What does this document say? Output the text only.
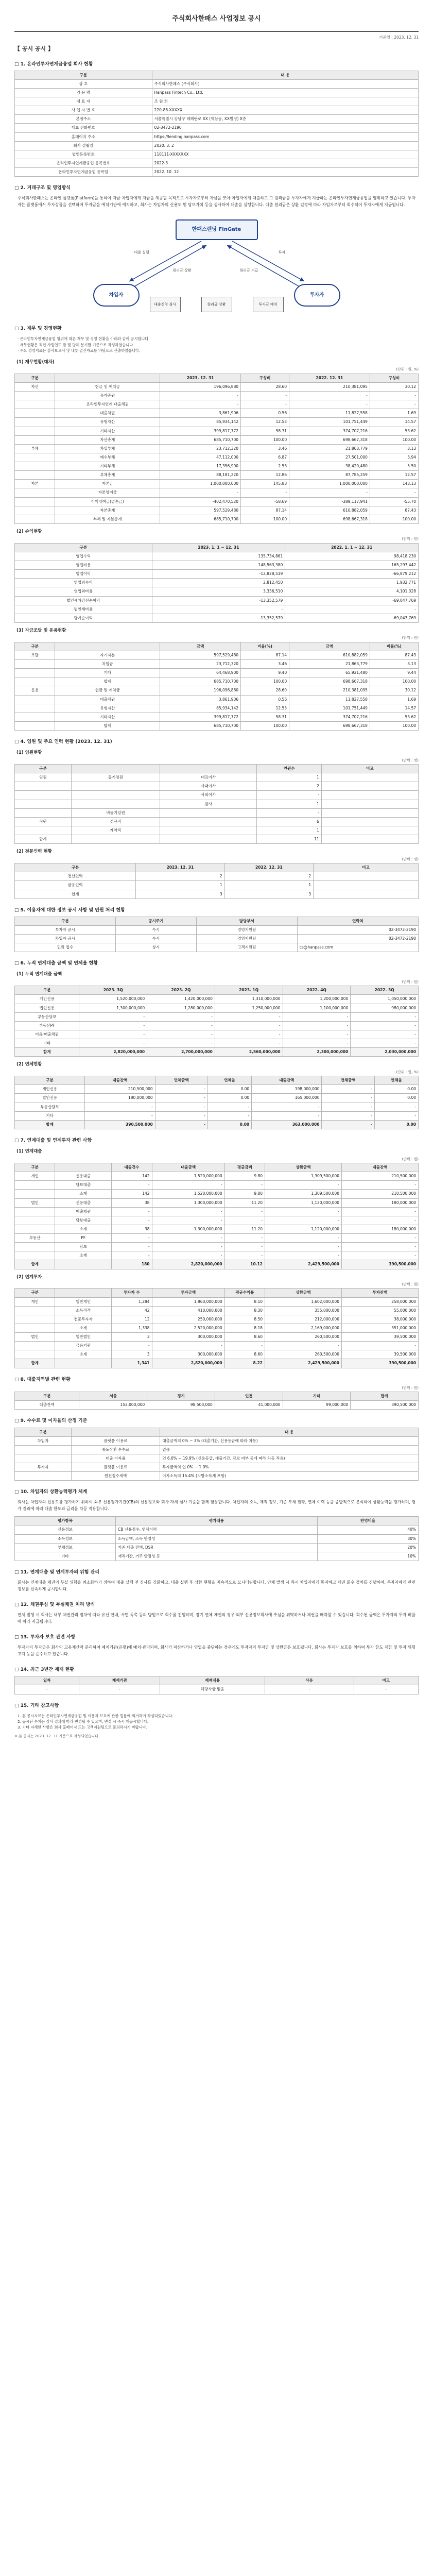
주식회사한패스 사업정보 공시
기준일 : 2023. 12. 31
【 공시 공시 】
□ 1. 온라인투자연계금융업 회사 현황
구분	내 용
상 호	주식회사한패스 (주식회사)
영 문 명	Hanpass Fintech Co., Ltd.
대 표 자	조 원 희
사 업 자 번 호	220-88-XXXXX
본점주소	서울특별시 강남구 테헤란로 XX (역삼동, XX빌딩) X층
대표 전화번호	02-3472-2190
홈페이지 주소	https://lending.hanpass.com
회사 설립일	2020. 3. 2
법인등록번호	110111-XXXXXXX
온라인투자연계금융업 등록번호	2022-3
온라인투자연계금융업 등록일	2022. 10. 12
□ 2. 거래구조 및 영업방식
주식회사한패스는 온라인 플랫폼(Platform)을 통하여 자금 차입자에게 자금을 제공할 목적으로 투자자로부터 자금을 모아 차입자에게 대출하고 그 원리금을 투자자에게 지급하는 온라인투자연계금융업을 영위하고 있습니다. 투자자는 플랫폼에서 투자상품을 선택하여 투자금을 예치기관에 예치하고, 회사는 차입자의 신용도 및 담보가치 등을 심사하여 대출을 실행합니다. 대출 원리금은 상환 일정에 따라 차입자로부터 회수되어 투자자에게 지급됩니다.
한패스렌딩 FinGate
차입자	투자자
대출신청 심사	원리금 상환	투자금 예치
대출 실행
원리금 상환
투자
원리금 지급
□ 3. 재무 및 경영현황
· 온라인투자연계금융업 영위에 따른 재무 및 경영 현황을 아래와 같이 공시합니다.
· 재무현황은 직전 사업연도 말 및 당해 분기말 기준으로 작성하였습니다.
· 주요 경영지표는 감사보고서 및 내부 결산자료를 바탕으로 산출하였습니다.
(1) 재무현황(대차)
(단위 : 원, %)
구분		2023. 12. 31	구성비	2022. 12. 31	구성비
자산	현금 및 예치금	196,096,880	28.60	210,381,095	30.12
	유가증권	-	-	-	-
	온라인투자연계 대출채권	-	-	-	-
	대출채권	3,861,906	0.56	11,827,558	1.69
	유형자산	85,934,142	12.53	101,751,449	14.57
	기타자산	399,817,772	58.31	374,707,216	53.62
	자산총계	685,710,700	100.00	698,667,318	100.00
부채	차입부채	23,712,320	3.46	21,863,779	3.13
	예수부채	47,112,000	6.87	27,501,000	3.94
	기타부채	17,356,900	2.53	38,420,480	5.50
	부채총계	88,181,220	12.86	87,785,259	12.57
자본	자본금	1,000,000,000	145.83	1,000,000,000	143.13
	자본잉여금	-	-	-	-
	이익잉여금(결손금)	-402,470,520	-58.69	-389,117,941	-55.70
	자본총계	597,529,480	87.14	610,882,059	87.43
	부채 및 자본총계	685,710,700	100.00	698,667,318	100.00
(2) 손익현황
(단위 : 원)
구분	2023. 1. 1 ~ 12. 31	2022. 1. 1 ~ 12. 31
영업수익	135,734,861	98,418,230
영업비용	148,563,380	165,297,442
영업이익	-12,828,519	-66,879,212
영업외수익	2,812,450	1,932,771
영업외비용	3,336,510	4,101,328
법인세차감전순이익	-13,352,579	-69,047,769
법인세비용	-	-
당기순이익	-13,352,579	-69,047,769
(3) 자금조달 및 운용현황
(단위 : 원)
구분		금액	비율(%)	금액	비율(%)
조달	자기자본	597,529,480	87.14	610,882,059	87.43
	차입금	23,712,320	3.46	21,863,779	3.13
	기타	64,468,900	9.40	65,921,480	9.44
	합계	685,710,700	100.00	698,667,318	100.00
운용	현금 및 예치금	196,096,880	28.60	210,381,095	30.12
	대출채권	3,861,906	0.56	11,827,558	1.69
	유형자산	85,934,142	12.53	101,751,449	14.57
	기타자산	399,817,772	58.31	374,707,216	53.62
	합계	685,710,700	100.00	698,667,318	100.00
□ 4. 임원 및 주요 인력 현황 (2023. 12. 31)
(1) 임원현황
(단위 : 명)
구분			인원수	비고
임원	등기임원	대표이사	1	
		사내이사	2	
		사외이사	-	
		감사	1	
	비등기임원		-	
직원	정규직		6	
	계약직		1	
합계			11	
(2) 전문인력 현황
(단위 : 명)
구분	2023. 12. 31	2022. 12. 31	비고
전산인력	2	2	
금융인력	1	1	
합계	3	3	
□ 5. 이용자에 대한 정보 공시 사항 및 민원 처리 현황
구분	공시주기	담당부서	연락처
투자자 공시	수시	경영지원팀	02-3472-2190
차입자 공시	수시	경영지원팀	02-3472-2190
민원 접수	상시	고객지원팀	cs@hanpass.com
□ 6. 누적 연계대출 금액 및 연체율 현황
(1) 누적 연계대출 금액
(단위 : 원)
구분	2023. 3Q	2023. 2Q	2023. 1Q	2022. 4Q	2022. 3Q
개인신용	1,520,000,000	1,420,000,000	1,310,000,000	1,200,000,000	1,050,000,000
법인신용	1,300,000,000	1,280,000,000	1,250,000,000	1,100,000,000	980,000,000
부동산담보	-	-	-	-	-
부동산PF	-	-	-	-	-
어음·매출채권	-	-	-	-	-
기타	-	-	-	-	-
합계	2,820,000,000	2,700,000,000	2,560,000,000	2,300,000,000	2,030,000,000
(2) 연체현황
(단위 : 원, %)
구분	대출잔액	연체금액	연체율	대출잔액	연체금액	연체율
개인신용	210,500,000	-	0.00	198,000,000	-	0.00
법인신용	180,000,000	-	0.00	165,000,000	-	0.00
부동산담보	-	-	-	-	-	-
기타	-	-	-	-	-	-
합계	390,500,000	-	0.00	363,000,000	-	0.00
□ 7. 연계대출 및 연계투자 관련 사항
(1) 연계대출
(단위 : 원)
구분		대출건수	대출금액	평균금리	상환금액	대출잔액
개인	신용대출	142	1,520,000,000	9.80	1,309,500,000	210,500,000
	담보대출	-	-	-	-	-
	소계	142	1,520,000,000	9.80	1,309,500,000	210,500,000
법인	신용대출	38	1,300,000,000	11.20	1,120,000,000	180,000,000
	매출채권	-	-	-	-	-
	담보대출	-	-	-	-	-
	소계	38	1,300,000,000	11.20	1,120,000,000	180,000,000
부동산	PF	-	-	-	-	-
	담보	-	-	-	-	-
	소계	-	-	-	-	-
합계		180	2,820,000,000	10.12	2,429,500,000	390,500,000
(2) 연계투자
(단위 : 원)
구분		투자자 수	투자금액	평균수익률	상환금액	투자잔액
개인	일반개인	1,284	1,860,000,000	8.10	1,602,000,000	258,000,000
	소득적격	42	410,000,000	8.30	355,000,000	55,000,000
	전문투자자	12	250,000,000	8.50	212,000,000	38,000,000
	소계	1,338	2,520,000,000	8.18	2,169,000,000	351,000,000
법인	일반법인	3	300,000,000	8.60	260,500,000	39,500,000
	금융기관	-	-	-	-	-
	소계	3	300,000,000	8.60	260,500,000	39,500,000
합계		1,341	2,820,000,000	8.22	2,429,500,000	390,500,000
□ 8. 대출지역별 관련 현황
(단위 : 원)
구분	서울	경기	인천	기타	합계
대출잔액	152,000,000	98,500,000	41,000,000	99,000,000	390,500,000
□ 9. 수수료 및 이자율의 산정 기준
구분		내 용
차입자	플랫폼 이용료	대출금액의 0% ~ 3% (대출기간, 신용등급에 따라 차등)
	중도상환 수수료	없음
	대출 이자율	연 6.0% ~ 19.9% (신용등급, 대출기간, 담보 여부 등에 따라 차등 적용)
투자자	플랫폼 이용료	투자금액의 연 0% ~ 1.0%
	원천징수세액	이자소득의 15.4% (지방소득세 포함)
□ 10. 차입자의 상환능력평가 체계
회사는 차입자의 신용도를 평가하기 위하여 외부 신용평가기관(CB)의 신용정보와 회사 자체 심사 기준을 함께 활용합니다. 차입자의 소득, 재직 정보, 기존 부채 현황, 연체 이력 등을 종합적으로 분석하여 상환능력을 평가하며, 평가 결과에 따라 대출 한도와 금리를 차등 적용합니다.
평가항목	평가내용	반영비율
신용정보	CB 신용점수, 연체이력	40%
소득정보	소득금액, 소득 안정성	30%
부채정보	기존 대출 잔액, DSR	20%
기타	재직기간, 거주 안정성 등	10%
□ 11. 연계대출 및 연계투자의 위험 관리
회사는 연계대출 채권의 부실 위험을 최소화하기 위하여 대출 실행 전 심사를 강화하고, 대출 실행 후 상환 현황을 지속적으로 모니터링합니다. 연체 발생 시 즉시 차입자에게 통지하고 채권 회수 절차를 진행하며, 투자자에게 관련 정보를 신속하게 공시합니다.
□ 12. 채권추심 및 부실채권 처리 방식
연체 발생 시 회사는 내부 채권관리 절차에 따라 유선 안내, 서면 독촉 등의 방법으로 회수를 진행하며, 장기 연체 채권의 경우 외부 신용정보회사에 추심을 위탁하거나 채권을 매각할 수 있습니다. 회수된 금액은 투자자의 투자 비율에 따라 지급됩니다.
□ 13. 투자자 보호 관련 사항
투자자의 투자금은 회사의 고유재산과 분리하여 예치기관(은행)에 예치·관리되며, 회사가 파산하거나 영업을 중단하는 경우에도 투자자의 투자금 및 상환금은 보호됩니다. 회사는 투자자 보호를 위하여 투자 한도 제한 및 투자 위험 고지 등을 준수하고 있습니다.
□ 14. 최근 3년간 제재 현황
일자	제재기관	제재내용	사유	비고
-	-	해당사항 없음	-	-
□ 15. 기타 참고사항
1. 본 공시자료는 온라인투자연계금융업 및 이용자 보호에 관한 법률에 의거하여 작성되었습니다.
2. 공시된 수치는 감사 결과에 따라 변경될 수 있으며, 변경 시 즉시 재공시합니다.
3. 기타 자세한 사항은 회사 홈페이지 또는 고객지원팀으로 문의하시기 바랍니다.
※ 본 공시는 2023. 12. 31 기준으로 작성되었습니다.
